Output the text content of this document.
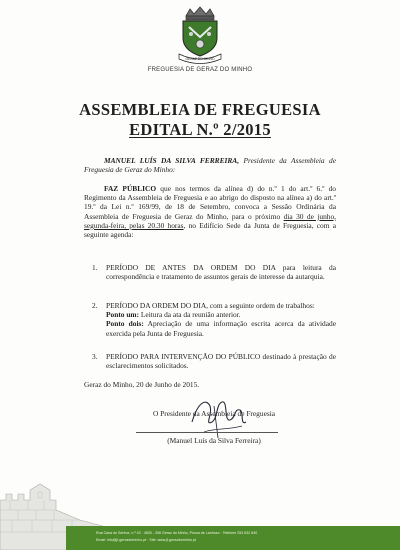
GERAZ DO MINHO
FREGUESIA DE GERAZ DO MINHO
ASSEMBLEIA DE FREGUESIA
EDITAL N.º 2/2015
MANUEL LUÍS DA SILVA FERREIRA, Presidente da Assembleia de Freguesia de Geraz do Minho:
FAZ PÚBLICO que nos termos da alínea d) do n.º 1 do art.º 6.º do Regimento da Assembleia de Freguesia e ao abrigo do disposto na alínea a) do art.º 19.º da Lei n.º 169/99, de 18 de Setembro, convoca a Sessão Ordinária da Assembleia de Freguesia de Geraz do Minho, para o próximo dia 30 de junho, segunda-feira, pelas 20.30 horas, no Edifício Sede da Junta de Freguesia, com a seguinte agenda:
1. PERÍODO DE ANTES DA ORDEM DO DIA para leitura da correspondência e tratamento de assuntos gerais de interesse da autarquia.
2. PERÍODO DA ORDEM DO DIA, com a seguinte ordem de trabalhos:

Ponto um: Leitura da ata da reunião anterior.

Ponto dois: Apreciação de uma informação escrita acerca da atividade exercida pela Junta de Freguesia.

3. PERÍODO PARA INTERVENÇÃO DO PÚBLICO destinado à prestação de esclarecimentos solicitados.
Geraz do Minho, 20 de Junho de 2015.
O Presidente da Assembleia de Freguesia
(Manuel Luís da Silva Ferreira)
Rua Casa do Senhor, n.º 43 · 4830 - 306 Geraz do Minho, Póvoa de Lanhoso · Telefone 253 632 840
Email: info@jf-gerazdominho.pt · Site: www.jf-gerazdominho.pt
